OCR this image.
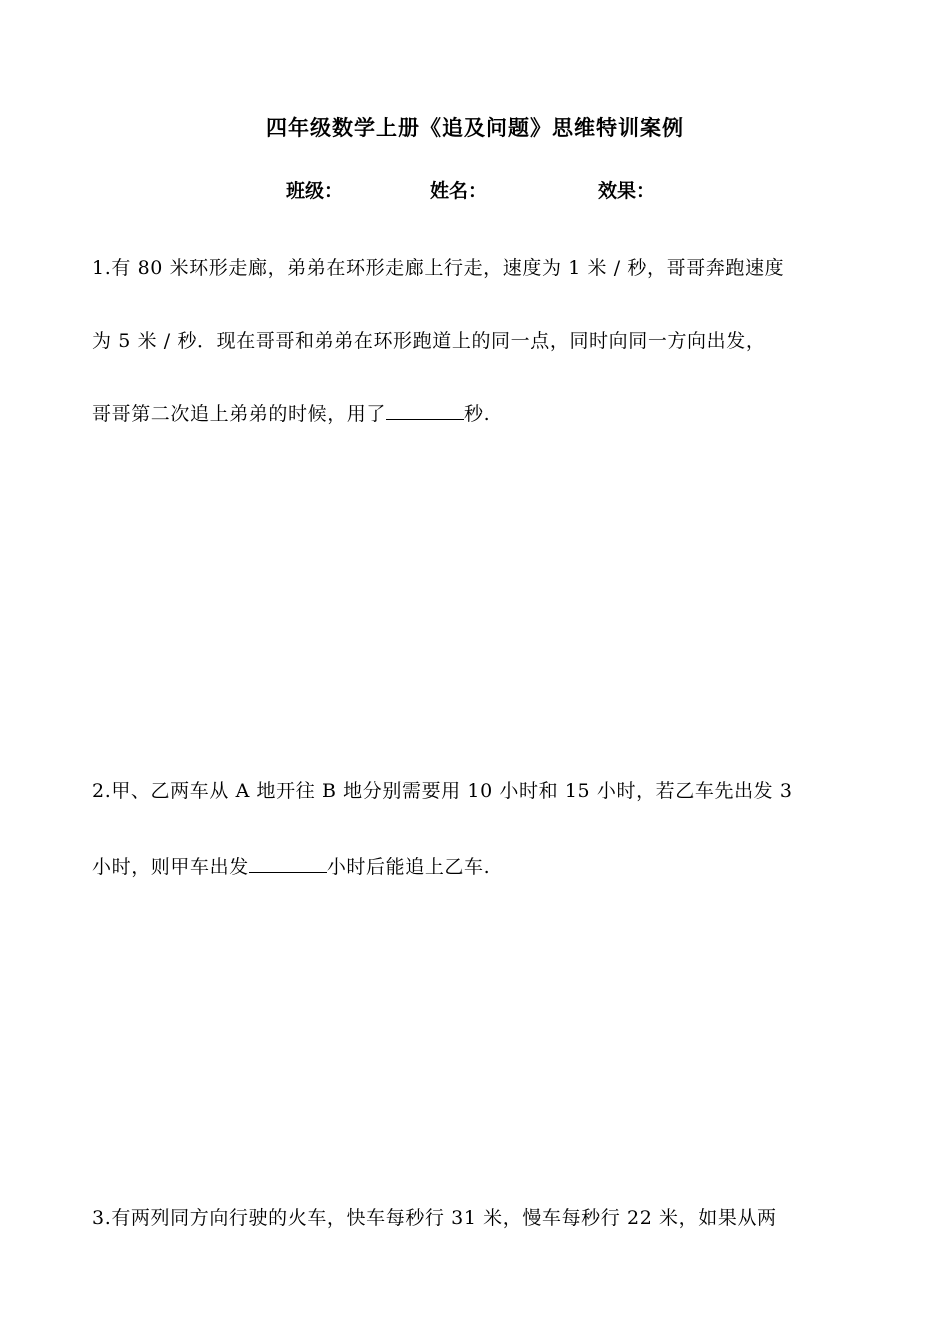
四年级数学上册《追及问题》思维特训案例
班级：	姓名：	效果：
1.有 80 米环形走廊，弟弟在环形走廊上行走，速度为 1 米 / 秒，哥哥奔跑速度
为 5 米 / 秒．现在哥哥和弟弟在环形跑道上的同一点，同时向同一方向出发，
哥哥第二次追上弟弟的时候，用了	秒.
2.甲、乙两车从 A 地开往 B 地分别需要用 10 小时和 15 小时，若乙车先出发 3
小时，则甲车出发	小时后能追上乙车.
3.有两列同方向行驶的火车，快车每秒行 31 米，慢车每秒行 22 米，如果从两
